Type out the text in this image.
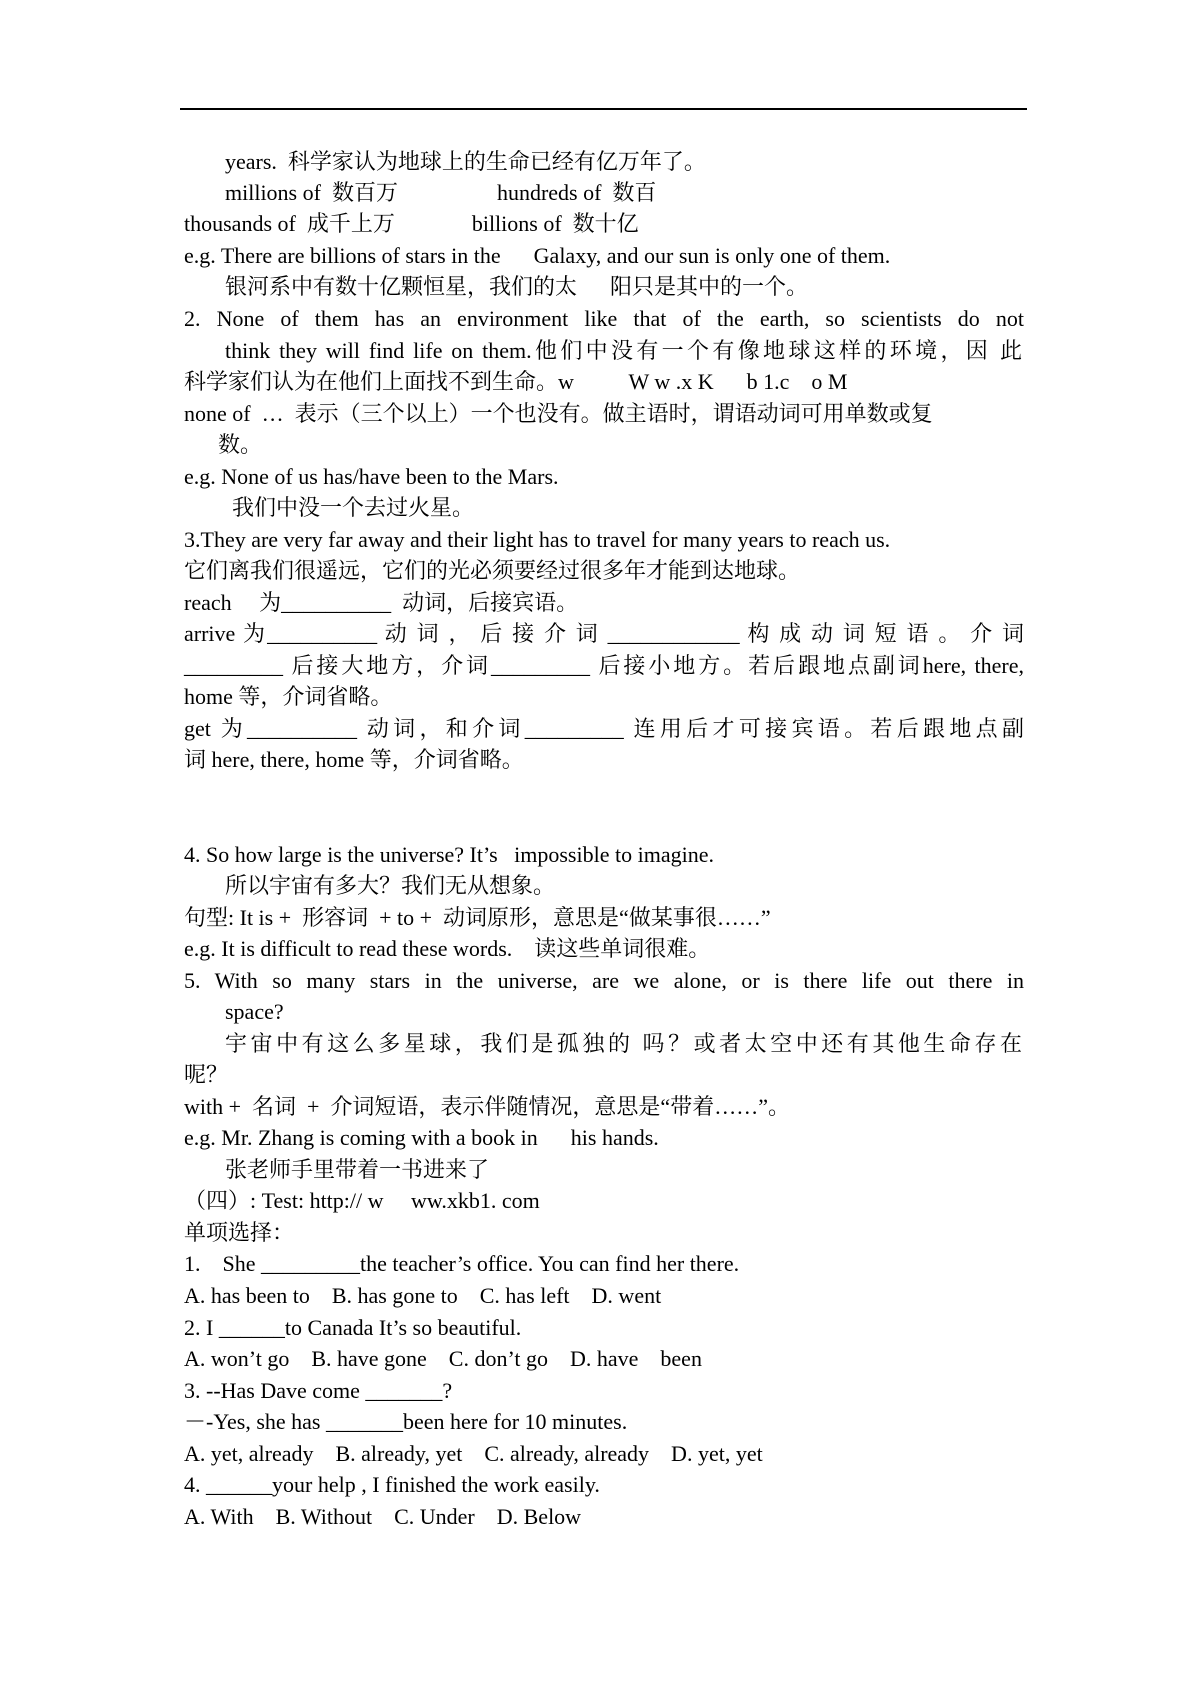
years.  科学家认为地球上的生命已经有亿万年了。
millions of  数百万                  hundreds of  数百
thousands of  成千上万              billions of  数十亿
e.g. There are billions of stars in the      Galaxy, and our sun is only one of them.
银河系中有数十亿颗恒星，我们的太      阳只是其中的一个。
2. None of them has an environment like that of the earth, so scientists do not
think they will find life on them.他们中没有一个有像地球这样的环境，因 此
科学家们认为在他们上面找不到生命。w          W w .x K      b 1.c    o M
none of  …  表示（三个以上）一个也没有。做主语时，谓语动词可用单数或复
数。
e.g. None of us has/have been to the Mars.
我们中没一个去过火星。
3.They are very far away and their light has to travel for many years to reach us.
它们离我们很遥远，它们的光必须要经过很多年才能到达地球。
reach     为__________  动词，后接宾语。
arrive 为__________ 动 词 ， 后 接 介 词 ____________ 构 成 动 词 短 语 。 介 词
_________ 后接大地方，介词_________ 后接小地方。若后跟地点副词here, there,
home 等，介词省略。
get 为__________ 动词，和介词_________ 连用后才可接宾语。若后跟地点副
词 here, there, home 等，介词省略。
4. So how large is the universe? It’s   impossible to imagine.
所以宇宙有多大？我们无从想象。
句型: It is +  形容词  + to +  动词原形，意思是“做某事很……”
e.g. It is difficult to read these words.    读这些单词很难。
5. With so many stars in the universe, are we alone, or is there life out there in
space?
宇宙中有这么多星球，我们是孤独的 吗？或者太空中还有其他生命存在
呢？
with +  名词  +  介词短语，表示伴随情况，意思是“带着……”。
e.g. Mr. Zhang is coming with a book in      his hands.
张老师手里带着一书进来了
（四）: Test: http:// w     ww.xkb1. com
单项选择：
1.    She _________the teacher’s office. You can find her there.
A. has been to    B. has gone to    C. has left    D. went
2. I ______to Canada It’s so beautiful.
A. won’t go    B. have gone    C. don’t go    D. have    been
3. --Has Dave come _______?
－-Yes, she has _______been here for 10 minutes.
A. yet, already    B. already, yet    C. already, already    D. yet, yet
4. ______your help , I finished the work easily.
A. With    B. Without    C. Under    D. Below
